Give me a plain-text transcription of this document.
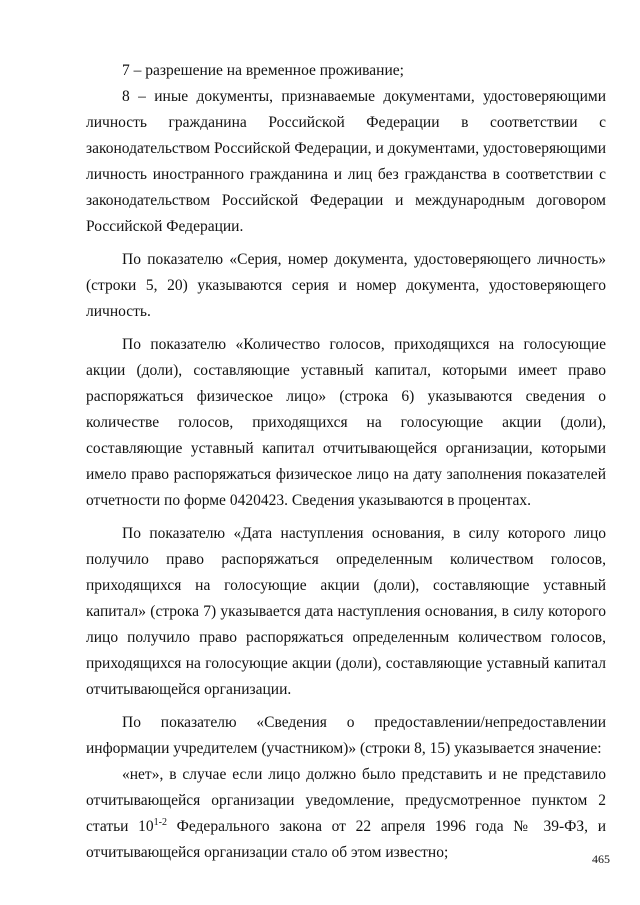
7 – разрешение на временное проживание;

8 – иные документы, признаваемые документами, удостоверяющими личность гражданина Российской Федерации в соответствии с законодательством Российской Федерации, и документами, удостоверяющими личность иностранного гражданина и лиц без гражданства в соответствии с законодательством Российской Федерации и международным договором Российской Федерации.

По показателю «Серия, номер документа, удостоверяющего личность» (строки 5, 20) указываются серия и номер документа, удостоверяющего личность.

По показателю «Количество голосов, приходящихся на голосующие акции (доли), составляющие уставный капитал, которыми имеет право распоряжаться физическое лицо» (строка 6) указываются сведения о количестве голосов, приходящихся на голосующие акции (доли), составляющие уставный капитал отчитывающейся организации, которыми имело право распоряжаться физическое лицо на дату заполнения показателей отчетности по форме 0420423. Сведения указываются в процентах.

По показателю «Дата наступления основания, в силу которого лицо получило право распоряжаться определенным количеством голосов, приходящихся на голосующие акции (доли), составляющие уставный капитал» (строка 7) указывается дата наступления основания, в силу которого лицо получило право распоряжаться определенным количеством голосов, приходящихся на голосующие акции (доли), составляющие уставный капитал отчитывающейся организации.

По показателю «Сведения о предоставлении/непредоставлении информации учредителем (участником)» (строки 8, 15) указывается значение:

«нет», в случае если лицо должно было представить и не представило отчитывающейся организации уведомление, предусмотренное пунктом 2 статьи 10$^{1-2}$ Федерального закона от 22 апреля 1996 года № 39-ФЗ, и отчитывающейся организации стало об этом известно;	465
